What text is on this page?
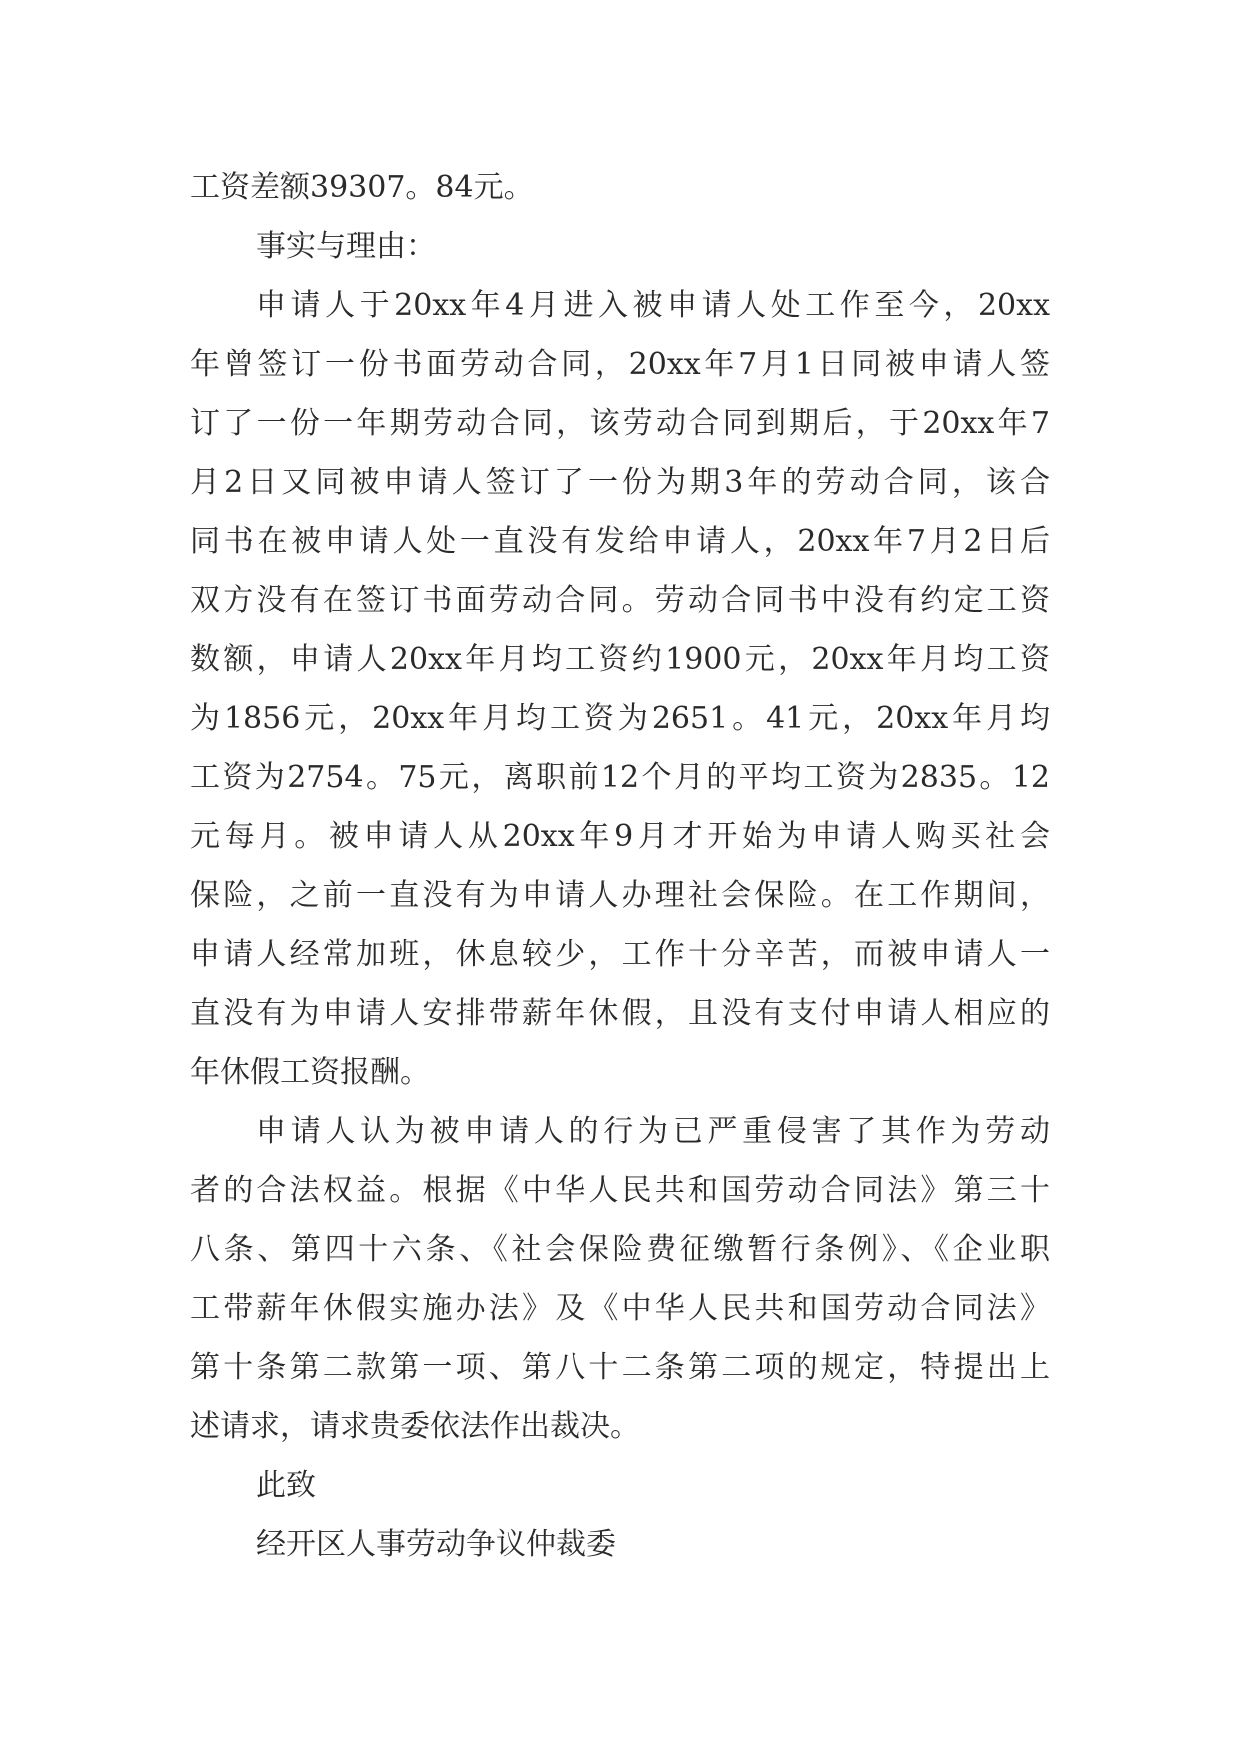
工资差额39307。84元。
事实与理由：
申请人于20xx年4月进入被申请人处工作至今，20xx
年曾签订一份书面劳动合同，20xx年7月1日同被申请人签
订了一份一年期劳动合同，该劳动合同到期后，于20xx年7
月2日又同被申请人签订了一份为期3年的劳动合同，该合
同书在被申请人处一直没有发给申请人，20xx年7月2日后
双方没有在签订书面劳动合同。劳动合同书中没有约定工资
数额，申请人20xx年月均工资约1900元，20xx年月均工资
为1856元，20xx年月均工资为2651。41元，20xx年月均
工资为2754。75元，离职前12个月的平均工资为2835。12
元每月。被申请人从20xx年9月才开始为申请人购买社会
保险，之前一直没有为申请人办理社会保险。在工作期间，
申请人经常加班，休息较少，工作十分辛苦，而被申请人一
直没有为申请人安排带薪年休假，且没有支付申请人相应的
年休假工资报酬。
申请人认为被申请人的行为已严重侵害了其作为劳动
者的合法权益。根据《中华人民共和国劳动合同法》第三十
八条、第四十六条、《社会保险费征缴暂行条例》、《企业职
工带薪年休假实施办法》及《中华人民共和国劳动合同法》
第十条第二款第一项、第八十二条第二项的规定，特提出上
述请求，请求贵委依法作出裁决。
此致
经开区人事劳动争议仲裁委
